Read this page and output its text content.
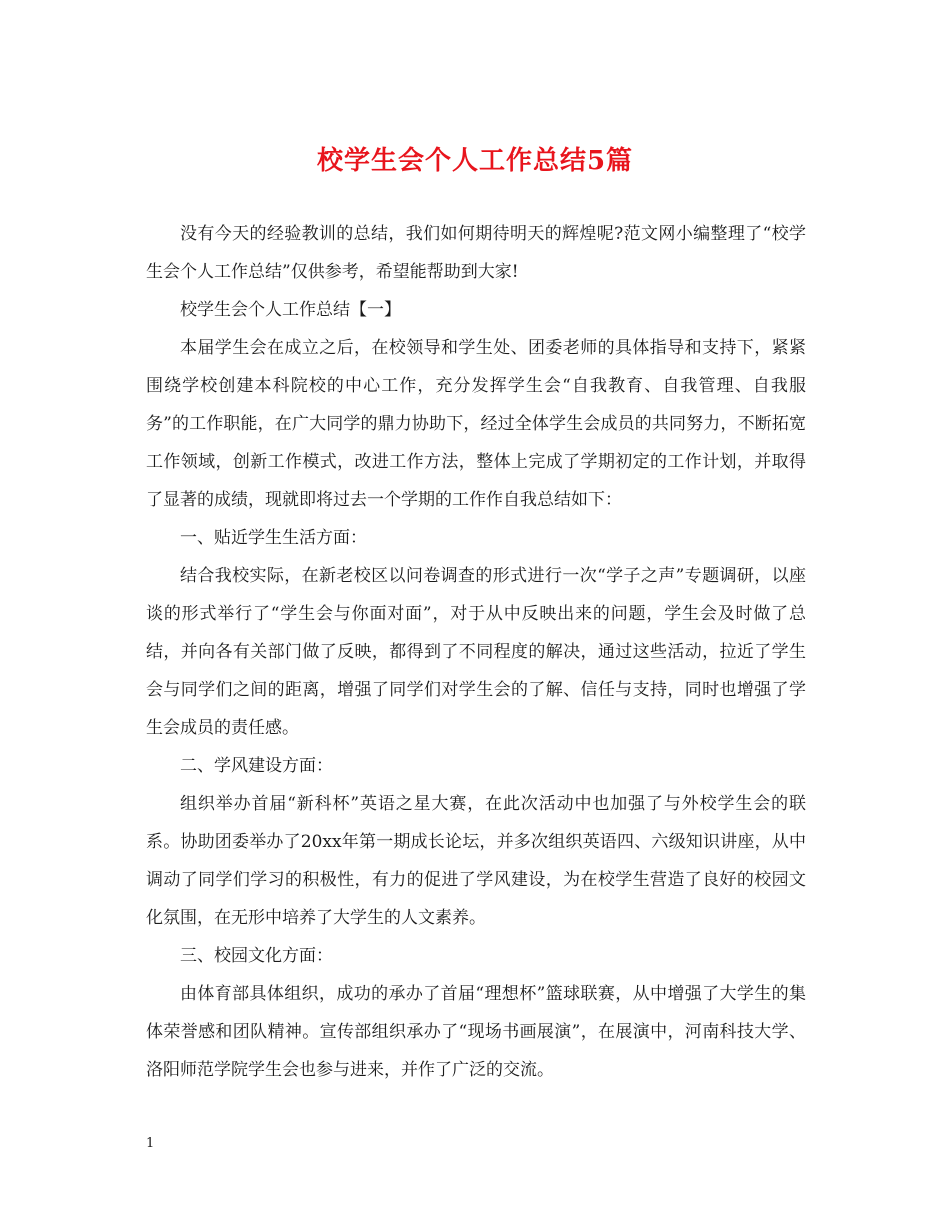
校学生会个人工作总结5篇

没有今天的经验教训的总结，我们如何期待明天的辉煌呢?范文网小编整理了“校学生会个人工作总结”仅供参考，希望能帮助到大家!

校学生会个人工作总结【一】

本届学生会在成立之后，在校领导和学生处、团委老师的具体指导和支持下，紧紧围绕学校创建本科院校的中心工作，充分发挥学生会“自我教育、自我管理、自我服务”的工作职能，在广大同学的鼎力协助下，经过全体学生会成员的共同努力，不断拓宽工作领域，创新工作模式，改进工作方法，整体上完成了学期初定的工作计划，并取得了显著的成绩，现就即将过去一个学期的工作作自我总结如下：

一、贴近学生生活方面：

结合我校实际，在新老校区以问卷调查的形式进行一次“学子之声”专题调研，以座谈的形式举行了“学生会与你面对面”，对于从中反映出来的问题，学生会及时做了总结，并向各有关部门做了反映，都得到了不同程度的解决，通过这些活动，拉近了学生会与同学们之间的距离，增强了同学们对学生会的了解、信任与支持，同时也增强了学生会成员的责任感。

二、学风建设方面：

组织举办首届“新科杯”英语之星大赛，在此次活动中也加强了与外校学生会的联系。协助团委举办了20xx年第一期成长论坛，并多次组织英语四、六级知识讲座，从中调动了同学们学习的积极性，有力的促进了学风建设，为在校学生营造了良好的校园文化氛围，在无形中培养了大学生的人文素养。

三、校园文化方面：

由体育部具体组织，成功的承办了首届“理想杯”篮球联赛，从中增强了大学生的集体荣誉感和团队精神。宣传部组织承办了“现场书画展演”，在展演中，河南科技大学、洛阳师范学院学生会也参与进来，并作了广泛的交流。

1
